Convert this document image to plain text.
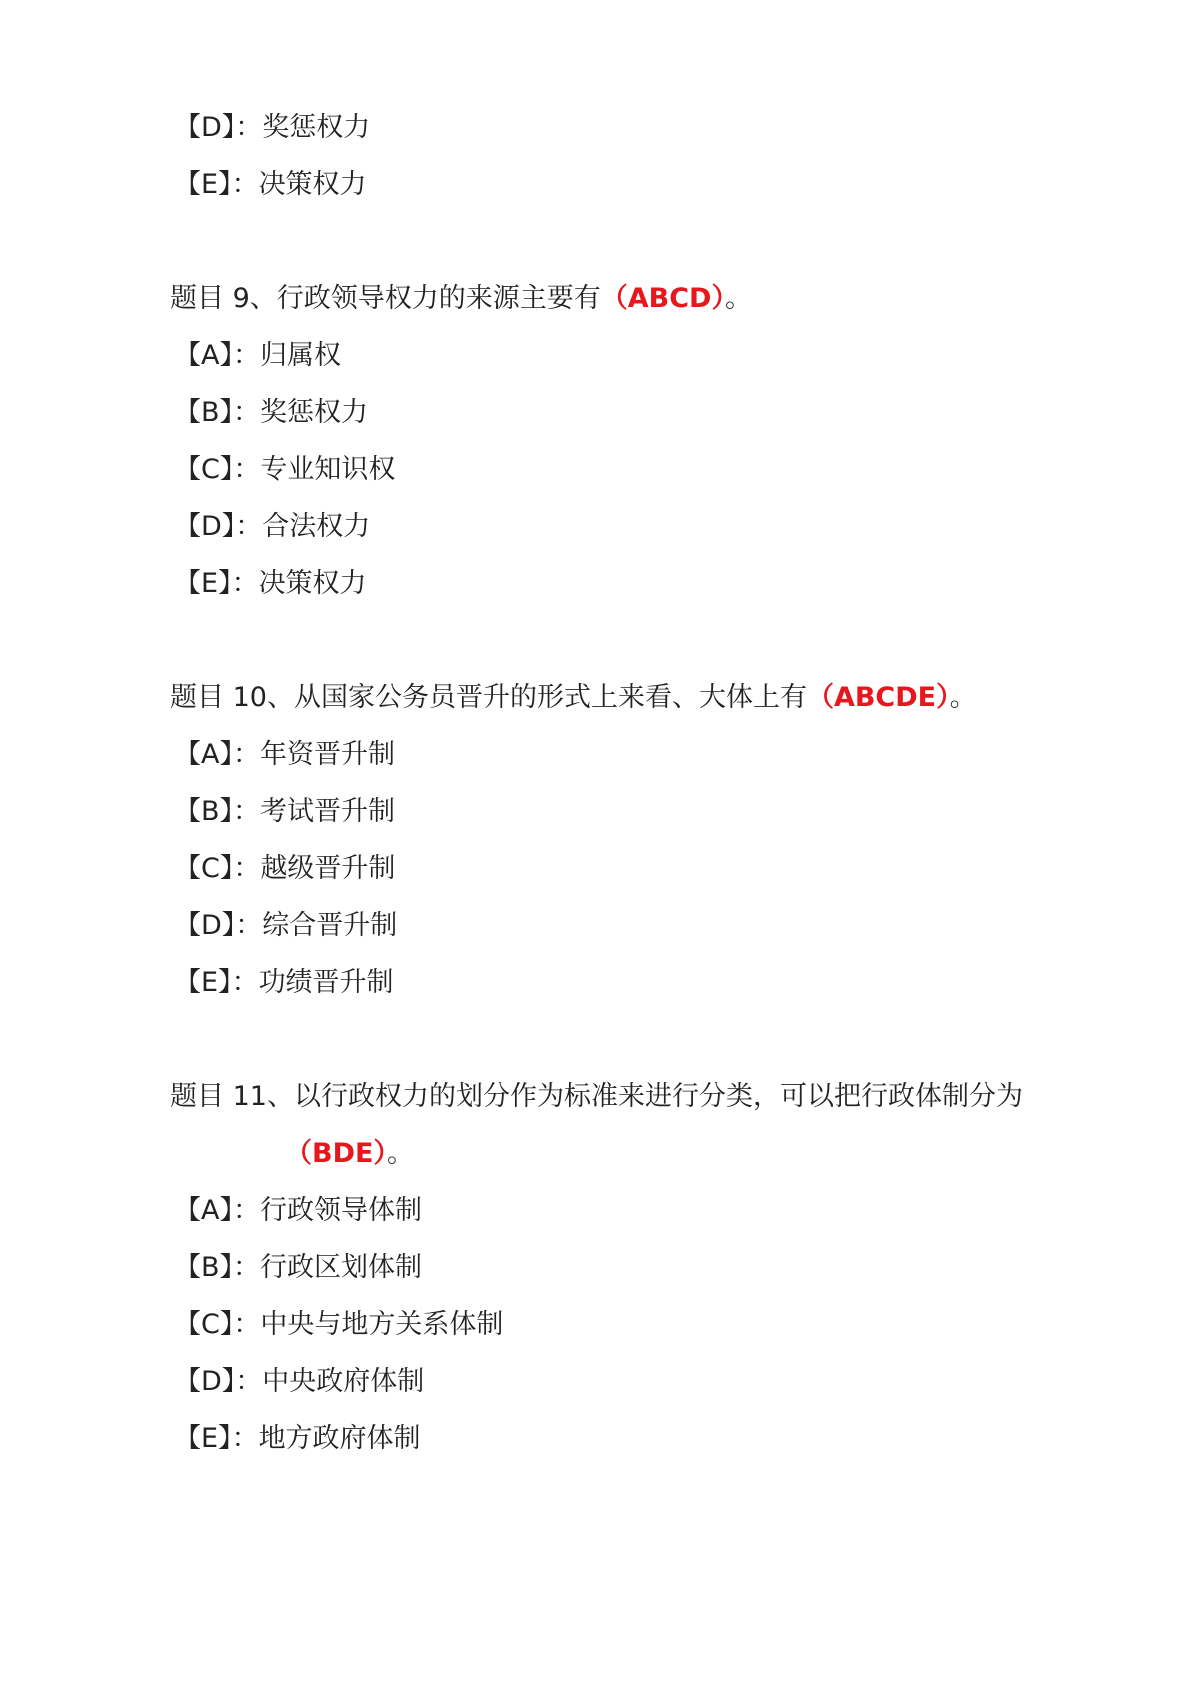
【D】：奖惩权力
【E】：决策权力
题目 9、行政领导权力的来源主要有（ABCD）。
【A】：归属权
【B】：奖惩权力
【C】：专业知识权
【D】：合法权力
【E】：决策权力
题目 10、从国家公务员晋升的形式上来看、大体上有（ABCDE）。
【A】：年资晋升制
【B】：考试晋升制
【C】：越级晋升制
【D】：综合晋升制
【E】：功绩晋升制
题目 11、以行政权力的划分作为标准来进行分类，可以把行政体制分为
（BDE）。
【A】：行政领导体制
【B】：行政区划体制
【C】：中央与地方关系体制
【D】：中央政府体制
【E】：地方政府体制
